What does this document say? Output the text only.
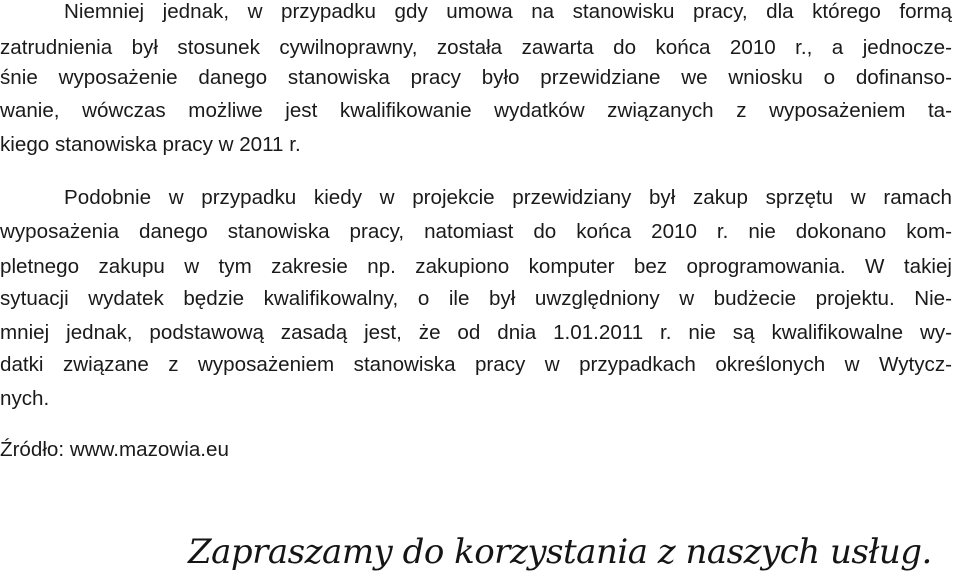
Niemniej jednak, w przypadku gdy umowa na stanowisku pracy, dla którego formą
zatrudnienia był stosunek cywilnoprawny, została zawarta do końca 2010 r., a jednocze-
śnie wyposażenie danego stanowiska pracy było przewidziane we wniosku o dofinanso-
wanie, wówczas możliwe jest kwalifikowanie wydatków związanych z wyposażeniem ta-
kiego stanowiska pracy w 2011 r.
Podobnie w przypadku kiedy w projekcie przewidziany był zakup sprzętu w ramach
wyposażenia danego stanowiska pracy, natomiast do końca 2010 r. nie dokonano kom-
pletnego zakupu w tym zakresie np. zakupiono komputer bez oprogramowania. W takiej
sytuacji wydatek będzie kwalifikowalny, o ile był uwzględniony w budżecie projektu. Nie-
mniej jednak, podstawową zasadą jest, że od dnia 1.01.2011 r. nie są kwalifikowalne wy-
datki związane z wyposażeniem stanowiska pracy w przypadkach określonych w Wytycz-
nych.
Źródło: www.mazowia.eu
Zapraszamy do korzystania z naszych usług.
